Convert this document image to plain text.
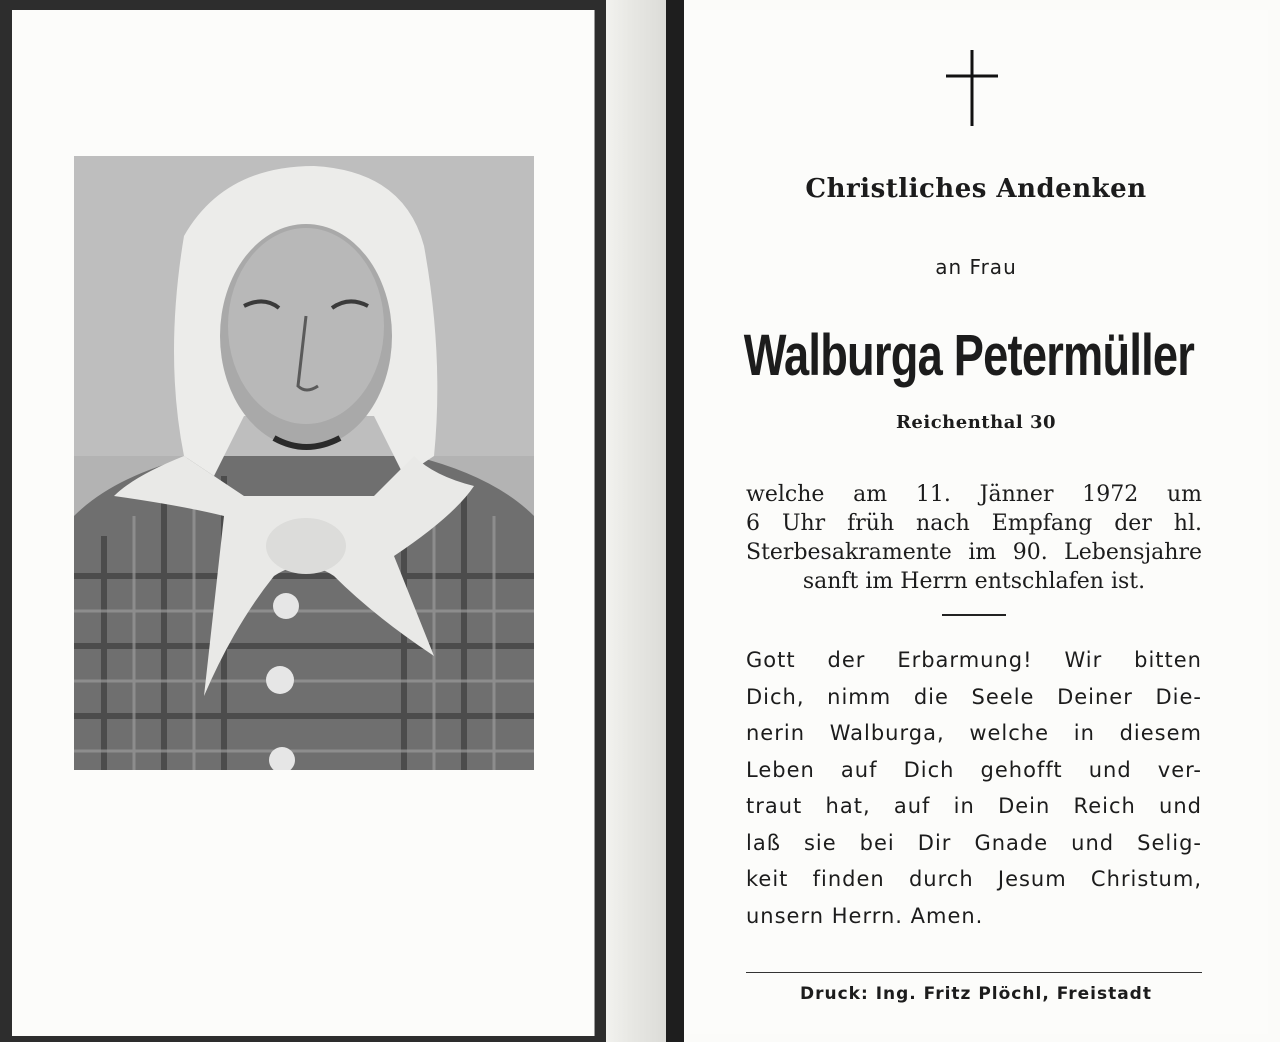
Christliches Andenken
an Frau
Walburga Petermüller
Reichenthal 30
welche am 11. Jänner 1972 um
6 Uhr früh nach Empfang der hl.
Sterbesakramente im 90. Lebensjahre
sanft im Herrn entschlafen ist.
Gott der Erbarmung! Wir bitten
Dich, nimm die Seele Deiner Die-
nerin Walburga, welche in diesem
Leben auf Dich gehofft und ver-
traut hat, auf in Dein Reich und
laß sie bei Dir Gnade und Selig-
keit finden durch Jesum Christum,
unsern Herrn. Amen.
Druck: Ing. Fritz Plöchl, Freistadt
